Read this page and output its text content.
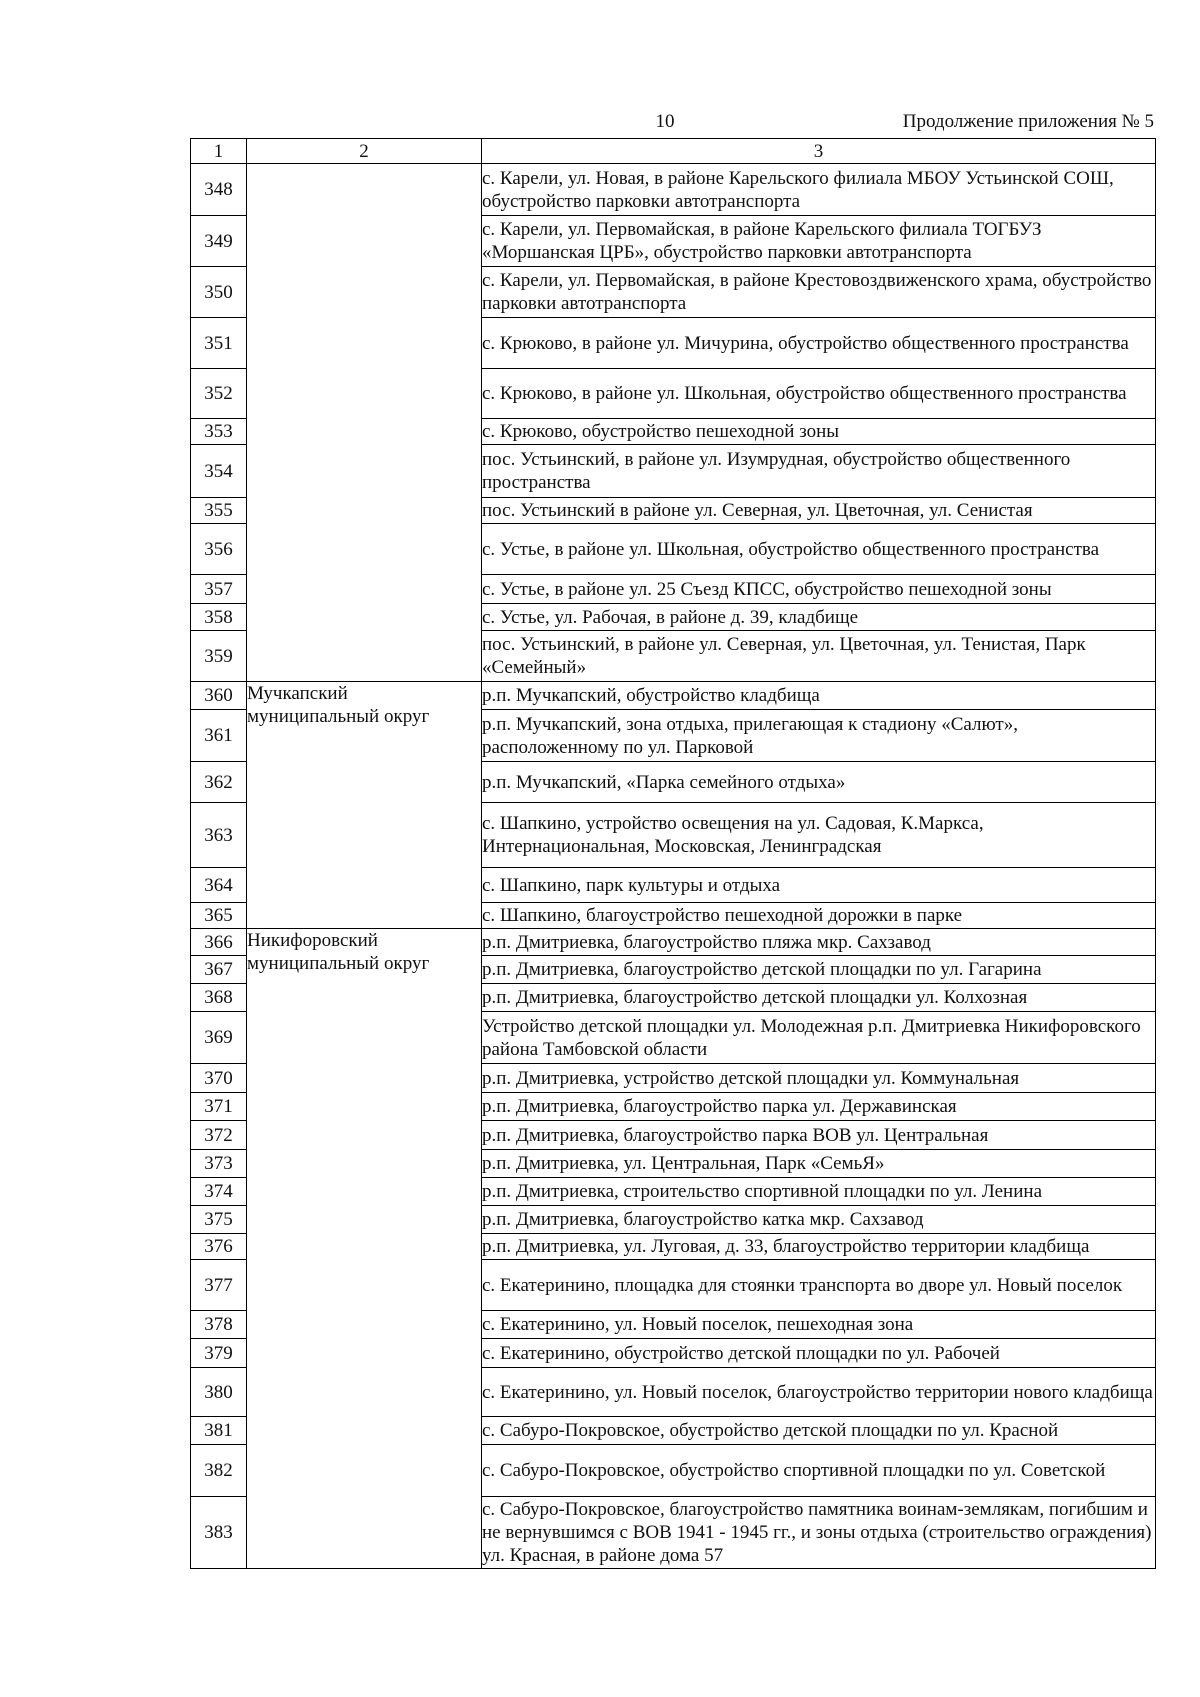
10	Продолжение приложения № 5
1	2	3
348		с. Карели, ул. Новая, в районе Карельского филиала МБОУ Устьинской СОШ, обустройство парковки автотранспорта
349		с. Карели, ул. Первомайская, в районе Карельского филиала ТОГБУЗ «Моршанская ЦРБ», обустройство парковки автотранспорта
350		с. Карели, ул. Первомайская, в районе Крестовоздвиженского храма, обустройство парковки автотранспорта
351		с. Крюково, в районе ул. Мичурина, обустройство общественного пространства
352		с. Крюково, в районе ул. Школьная, обустройство общественного пространства
353		с. Крюково, обустройство пешеходной зоны
354		пос. Устьинский, в районе ул. Изумрудная, обустройство общественного пространства
355		пос. Устьинский в районе ул. Северная, ул. Цветочная, ул. Сенистая
356		с. Устье, в районе ул. Школьная, обустройство общественного пространства
357		с. Устье, в районе ул. 25 Съезд КПСС, обустройство пешеходной зоны
358		с. Устье, ул. Рабочая, в районе д. 39, кладбище
359		пос. Устьинский, в районе ул. Северная, ул. Цветочная, ул. Тенистая, Парк «Семейный»
360	Мучкапский
муниципальный округ	р.п. Мучкапский, обустройство кладбища
361		р.п. Мучкапский, зона отдыха, прилегающая к стадиону «Салют», расположенному по ул. Парковой
362		р.п. Мучкапский, «Парка семейного отдыха»
363		с. Шапкино, устройство освещения на ул. Садовая, К.Маркса, Интернациональная, Московская, Ленинградская
364		с. Шапкино, парк культуры и отдыха
365		с. Шапкино, благоустройство пешеходной дорожки в парке
366	Никифоровский
муниципальный округ	р.п. Дмитриевка, благоустройство пляжа мкр. Сахзавод
367		р.п. Дмитриевка, благоустройство детской площадки по ул. Гагарина
368		р.п. Дмитриевка, благоустройство детской площадки ул. Колхозная
369		Устройство детской площадки ул. Молодежная р.п. Дмитриевка Никифоровского района Тамбовской области
370		р.п. Дмитриевка, устройство детской площадки ул. Коммунальная
371		р.п. Дмитриевка, благоустройство парка ул. Державинская
372		р.п. Дмитриевка, благоустройство парка ВОВ ул. Центральная
373		р.п. Дмитриевка, ул. Центральная, Парк «СемьЯ»
374		р.п. Дмитриевка, строительство спортивной площадки по ул. Ленина
375		р.п. Дмитриевка, благоустройство катка мкр. Сахзавод
376		р.п. Дмитриевка, ул. Луговая, д. 33, благоустройство территории кладбища
377		с. Екатеринино, площадка для стоянки транспорта во дворе ул. Новый поселок
378		с. Екатеринино, ул. Новый поселок, пешеходная зона
379		с. Екатеринино, обустройство детской площадки по ул. Рабочей
380		с. Екатеринино, ул. Новый поселок, благоустройство территории нового кладбища
381		с. Сабуро-Покровское, обустройство детской площадки по ул. Красной
382		с. Сабуро-Покровское, обустройство спортивной площадки по ул. Советской
383		с. Сабуро-Покровское, благоустройство памятника воинам-землякам, погибшим и не вернувшимся с ВОВ 1941 - 1945 гг., и зоны отдыха (строительство ограждения) ул. Красная, в районе дома 57
